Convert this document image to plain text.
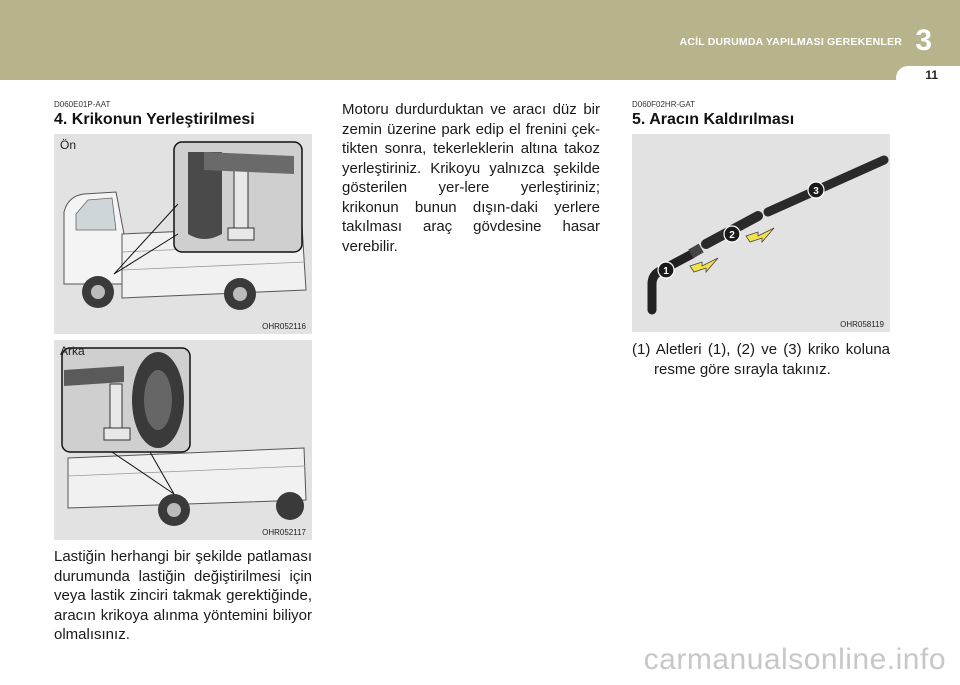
ACİL DURUMDA YAPILMASI GEREKENLER 3
11
D060E01P-AAT
4. Krikonun Yerleştirilmesi
Ön
OHR052116
Arka
OHR052117

Lastiğin herhangi bir şekilde patlaması durumunda lastiğin değiştirilmesi için veya lastik zinciri takmak gerektiğinde, aracın krikoya alınma yöntemini biliyor olmalısınız.

Motoru durdurduktan ve aracı düz bir zemin üzerine park edip el frenini çek-tikten sonra, tekerleklerin altına takoz yerleştiriniz. Krikoyu yalnızca şekilde gösterilen yer-lere yerleştiriniz; krikonun bunun dışın-daki yerlere takılması araç gövdesine hasar verebilir.

D060F02HR-GAT
5. Aracın Kaldırılması
1
2
3
OHR058119

(1) Aletleri (1), (2) ve (3) kriko koluna resme göre sırayla takınız.

carmanualsonline.info
